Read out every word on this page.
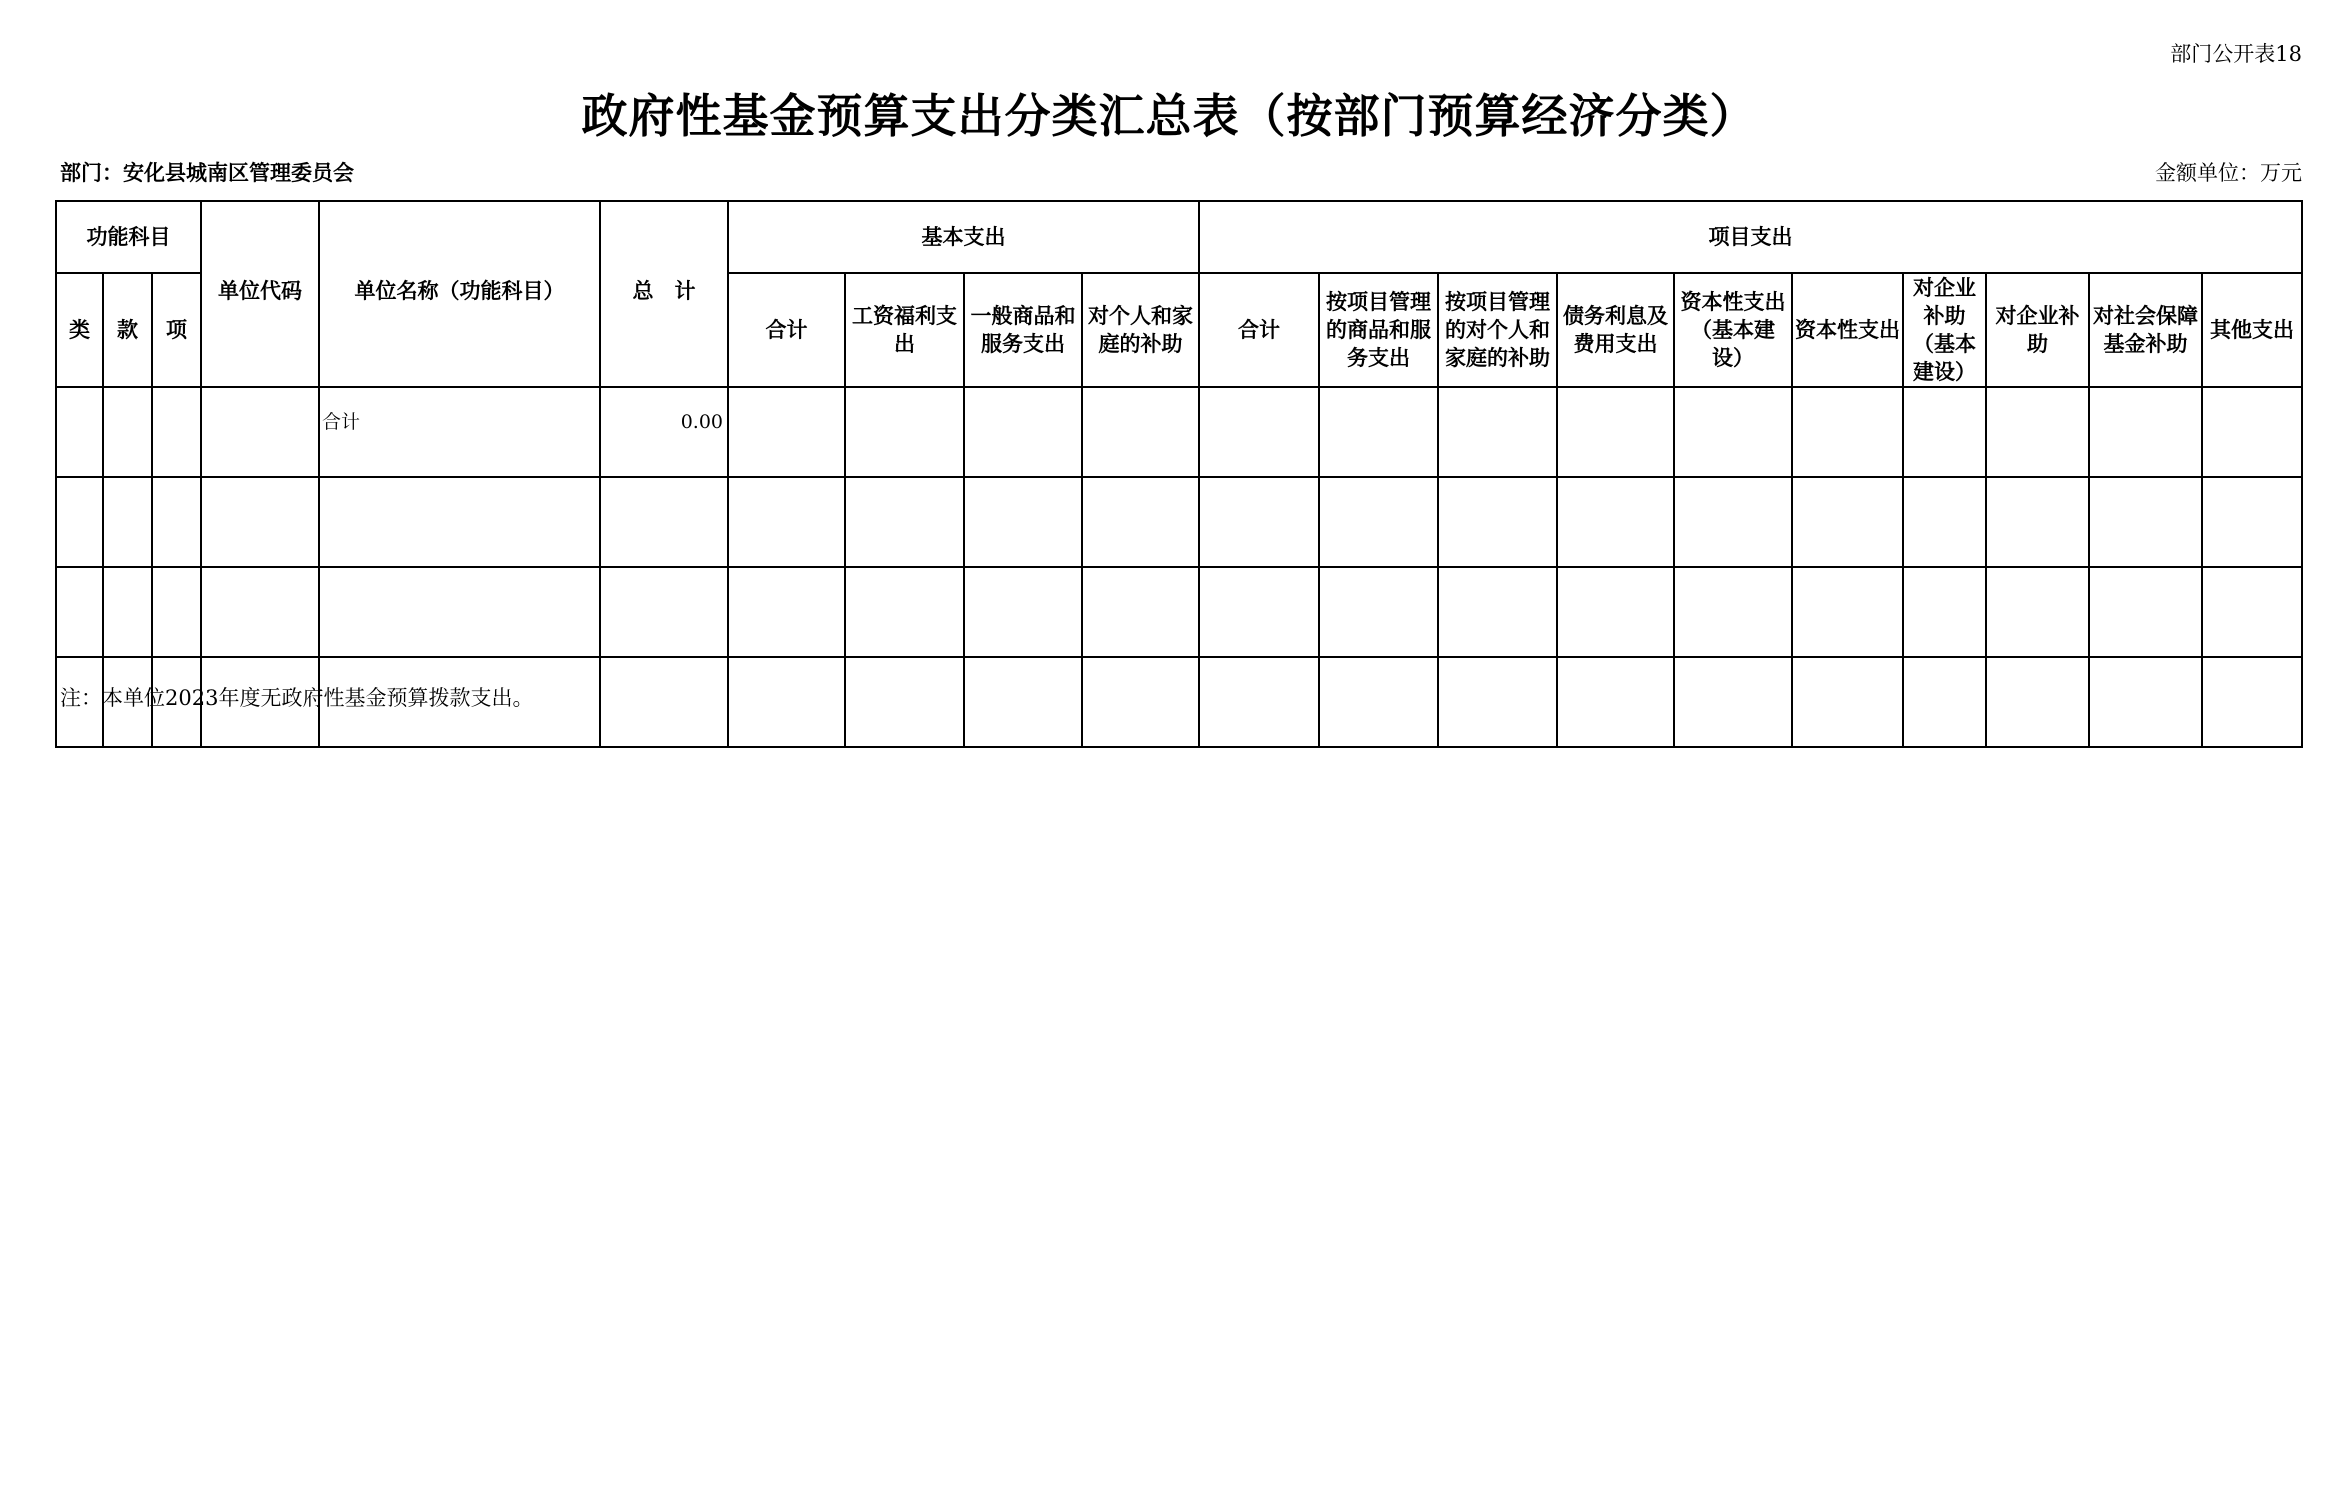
部门公开表18
政府性基金预算支出分类汇总表（按部门预算经济分类）
部门：安化县城南区管理委员会	金额单位：万元
功能科目			单位代码	单位名称（功能科目）	总　计	基本支出				项目支出									
类	款	项				合计	工资福利支出	一般商品和服务支出	对个人和家庭的补助	合计	按项目管理的商品和服务支出	按项目管理的对个人和家庭的补助	债务利息及费用支出	资本性支出（基本建设）	资本性支出	对企业补助（基本建设）	对企业补助	对社会保障基金补助	其他支出
				合计	0.00														

注：本单位2023年度无政府性基金预算拨款支出。
